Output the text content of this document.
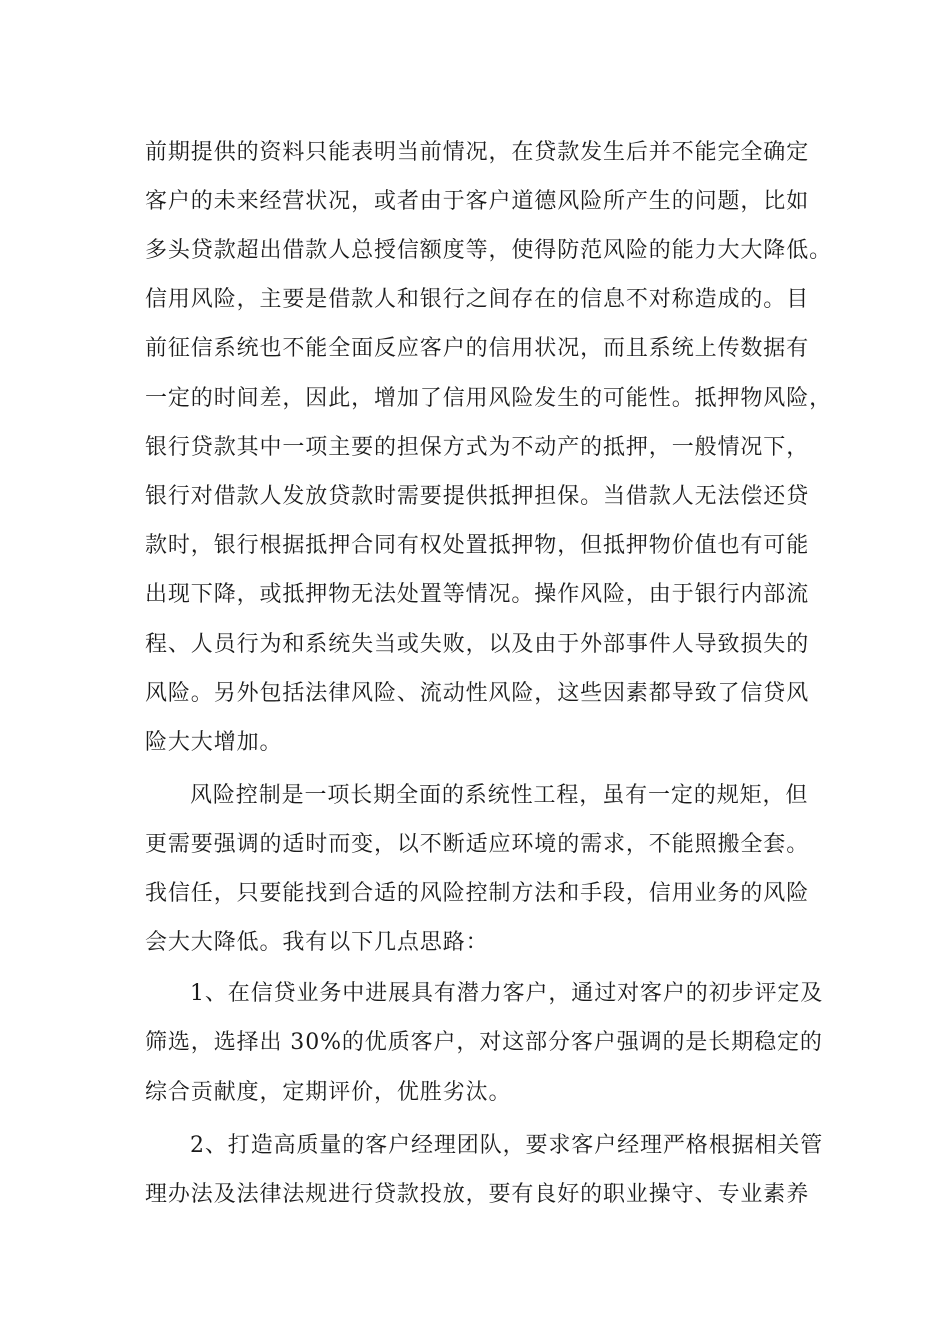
前期提供的资料只能表明当前情况，在贷款发生后并不能完全确定
客户的未来经营状况，或者由于客户道德风险所产生的问题，比如
多头贷款超出借款人总授信额度等，使得防范风险的能力大大降低。
信用风险，主要是借款人和银行之间存在的信息不对称造成的。目
前征信系统也不能全面反应客户的信用状况，而且系统上传数据有
一定的时间差，因此，增加了信用风险发生的可能性。抵押物风险，
银行贷款其中一项主要的担保方式为不动产的抵押，一般情况下，
银行对借款人发放贷款时需要提供抵押担保。当借款人无法偿还贷
款时，银行根据抵押合同有权处置抵押物，但抵押物价值也有可能
出现下降，或抵押物无法处置等情况。操作风险，由于银行内部流
程、人员行为和系统失当或失败，以及由于外部事件人导致损失的
风险。另外包括法律风险、流动性风险，这些因素都导致了信贷风
险大大增加。
风险控制是一项长期全面的系统性工程，虽有一定的规矩，但
更需要强调的适时而变，以不断适应环境的需求，不能照搬全套。
我信任，只要能找到合适的风险控制方法和手段，信用业务的风险
会大大降低。我有以下几点思路：
1、在信贷业务中进展具有潜力客户，通过对客户的初步评定及
筛选，选择出 30%的优质客户，对这部分客户强调的是长期稳定的
综合贡献度，定期评价，优胜劣汰。
2、打造高质量的客户经理团队，要求客户经理严格根据相关管
理办法及法律法规进行贷款投放，要有良好的职业操守、专业素养
